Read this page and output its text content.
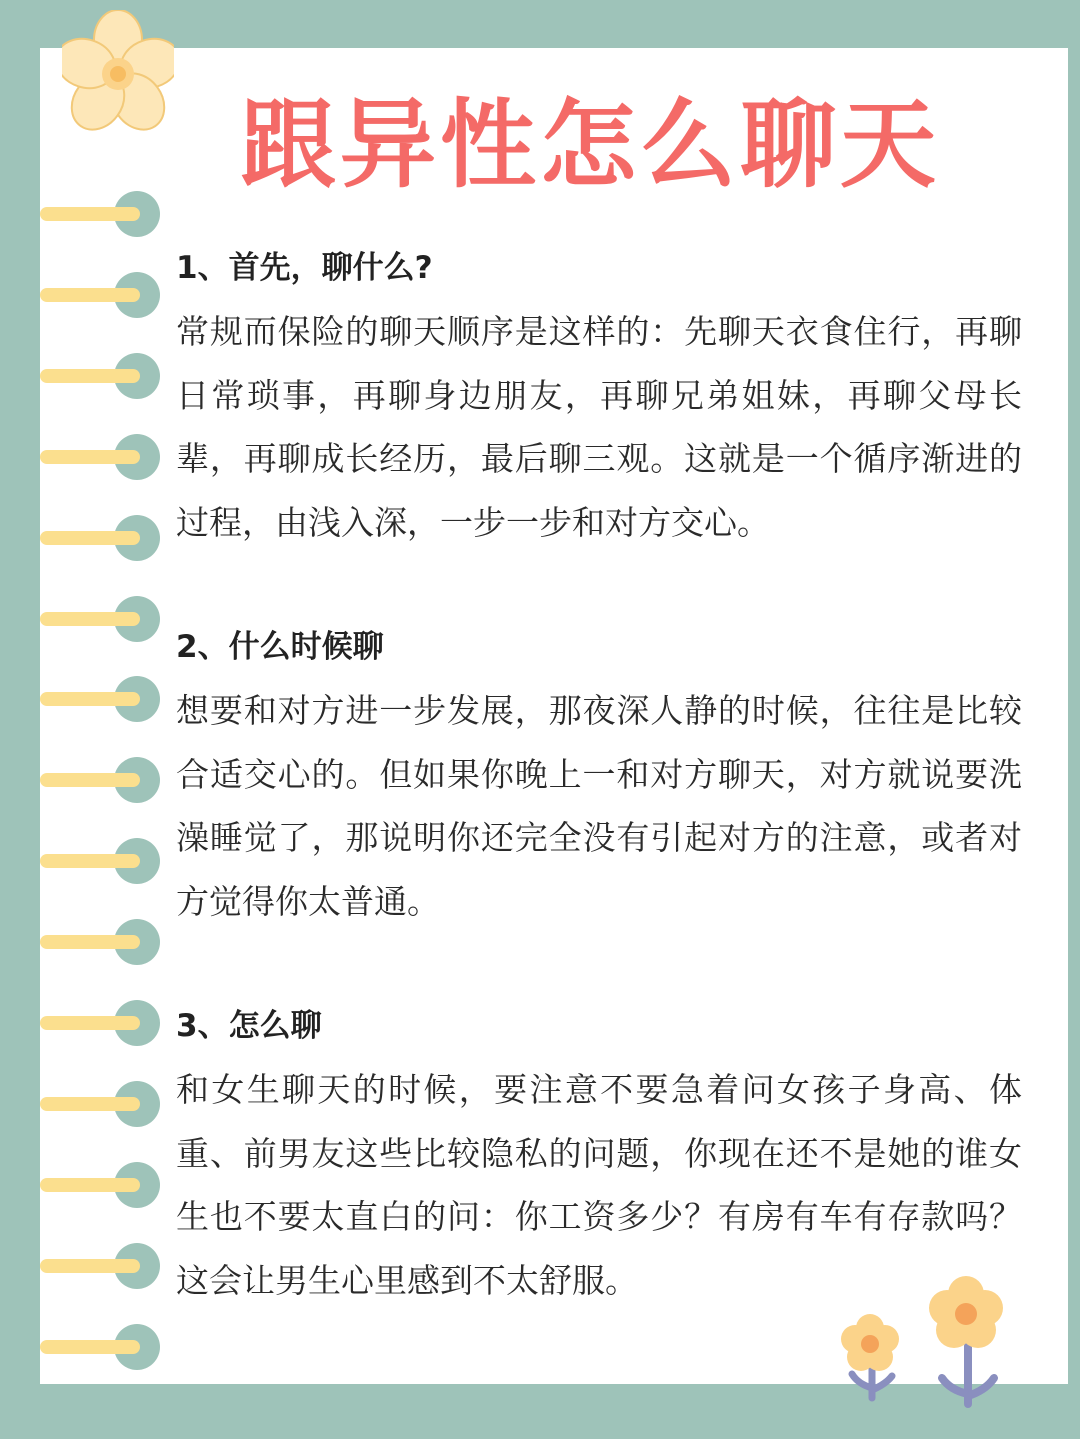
跟异性怎么聊天
1、首先，聊什么?

常规而保险的聊天顺序是这样的：先聊天衣食住行，再聊日常琐事，再聊身边朋友，再聊兄弟姐妹，再聊父母长辈，再聊成长经历，最后聊三观。这就是一个循序渐进的过程，由浅入深，一步一步和对方交心。

2、什么时候聊

想要和对方进一步发展，那夜深人静的时候，往往是比较合适交心的。但如果你晚上一和对方聊天，对方就说要洗澡睡觉了，那说明你还完全没有引起对方的注意，或者对方觉得你太普通。

3、怎么聊

和女生聊天的时候，要注意不要急着问女孩子身高、体重、前男友这些比较隐私的问题，你现在还不是她的谁女生也不要太直白的问：你工资多少？有房有车有存款吗？这会让男生心里感到不太舒服。
